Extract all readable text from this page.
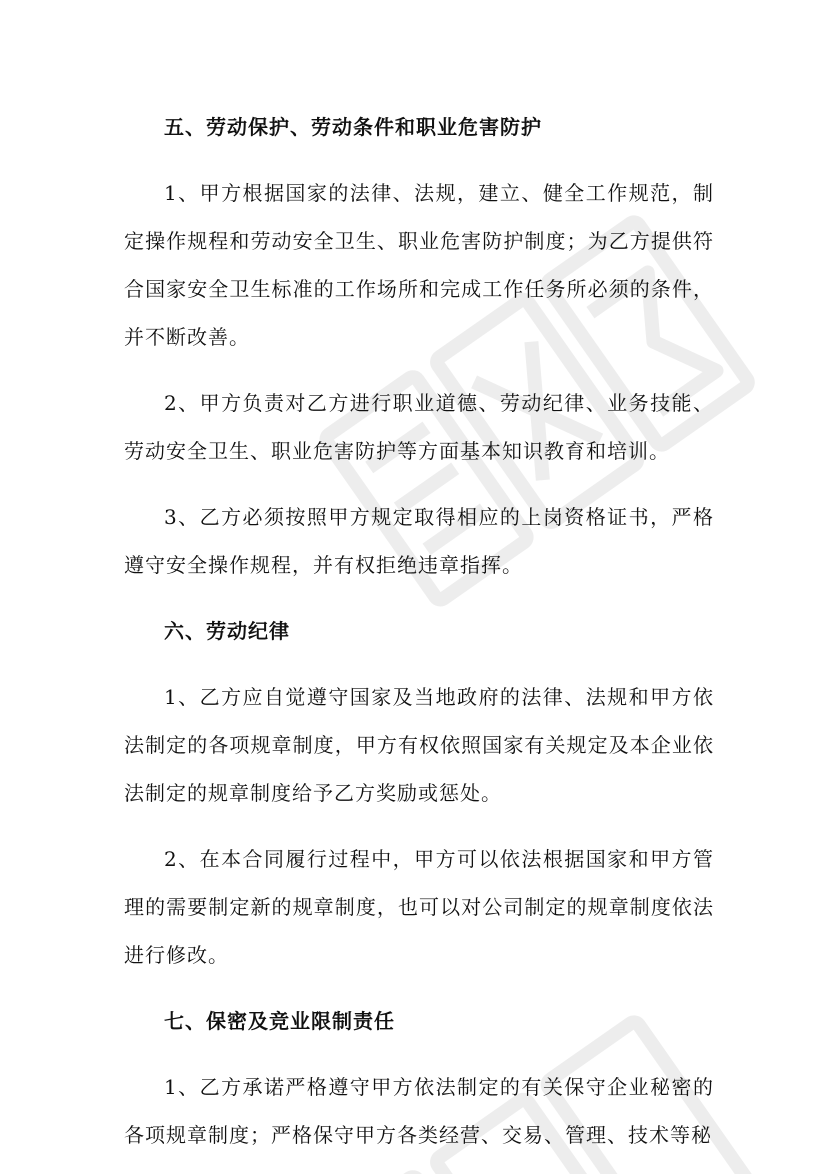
五、劳动保护、劳动条件和职业危害防护

1、甲方根据国家的法律、法规，建立、健全工作规范，制定操作规程和劳动安全卫生、职业危害防护制度；为乙方提供符合国家安全卫生标准的工作场所和完成工作任务所必须的条件，并不断改善。

2、甲方负责对乙方进行职业道德、劳动纪律、业务技能、劳动安全卫生、职业危害防护等方面基本知识教育和培训。

3、乙方必须按照甲方规定取得相应的上岗资格证书，严格遵守安全操作规程，并有权拒绝违章指挥。

六、劳动纪律

1、乙方应自觉遵守国家及当地政府的法律、法规和甲方依法制定的各项规章制度，甲方有权依照国家有关规定及本企业依法制定的规章制度给予乙方奖励或惩处。

2、在本合同履行过程中，甲方可以依法根据国家和甲方管理的需要制定新的规章制度，也可以对公司制定的规章制度依法进行修改。

七、保密及竞业限制责任

1、乙方承诺严格遵守甲方依法制定的有关保守企业秘密的各项规章制度；严格保守甲方各类经营、交易、管理、技术等秘
